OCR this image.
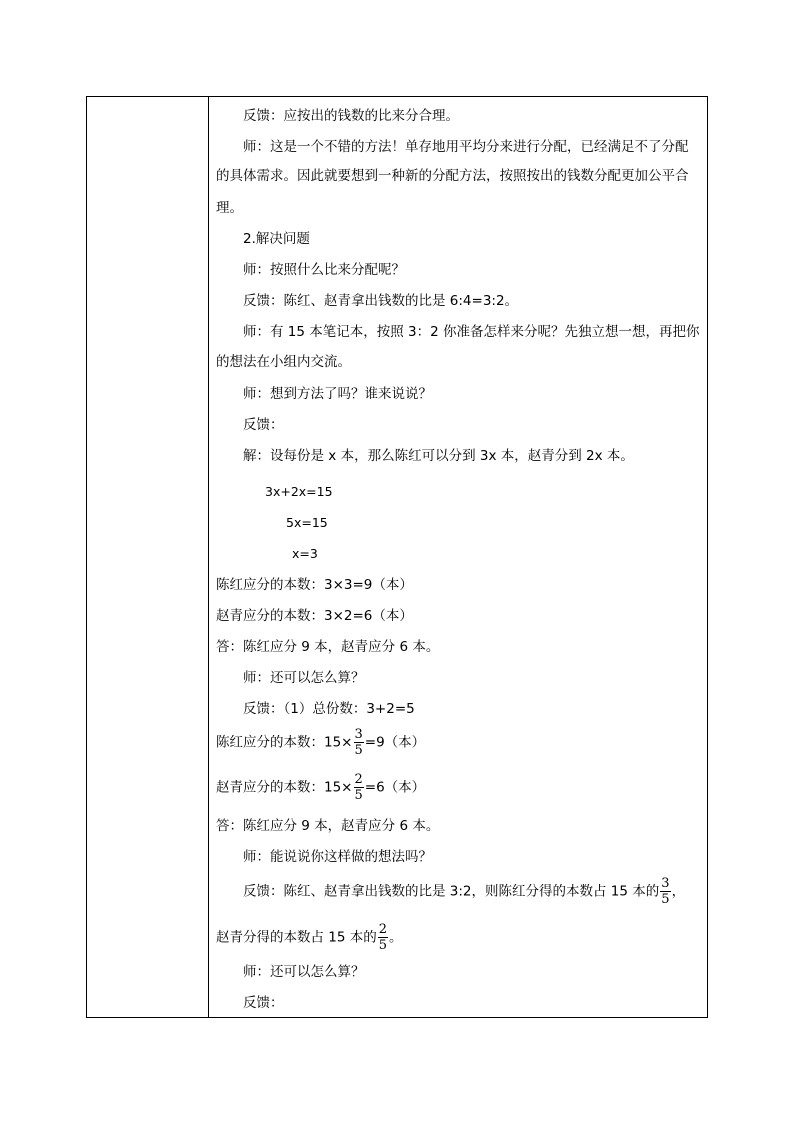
反馈：应按出的钱数的比来分合理。
师：这是一个不错的方法！单存地用平均分来进行分配，已经满足不了分配
的具体需求。因此就要想到一种新的分配方法，按照按出的钱数分配更加公平合
理。
2.解决问题
师：按照什么比来分配呢？
反馈：陈红、赵青拿出钱数的比是 6:4=3:2。
师：有 15 本笔记本，按照 3：2 你准备怎样来分呢？先独立想一想，再把你
的想法在小组内交流。
师：想到方法了吗？谁来说说？
反馈：
解：设每份是 x 本，那么陈红可以分到 3x 本，赵青分到 2x 本。
3x+2x=15
5x=15
x=3
陈红应分的本数：3×3=9（本）
赵青应分的本数：3×2=6（本）
答：陈红应分 9 本，赵青应分 6 本。
师：还可以怎么算？
反馈：（1）总份数：3+2=5
陈红应分的本数：$15\times \frac{3}{5} =9$（本）
赵青应分的本数：$15\times \frac{2}{5} =6$（本）
答：陈红应分 9 本，赵青应分 6 本。
师：能说说你这样做的想法吗？
反馈：陈红、赵青拿出钱数的比是 3:2，则陈红分得的本数占 15 本的 $\frac{3}{5}$ ，
赵青分得的本数占 15 本的 $\frac{2}{5}$ 。
师：还可以怎么算？
反馈：
